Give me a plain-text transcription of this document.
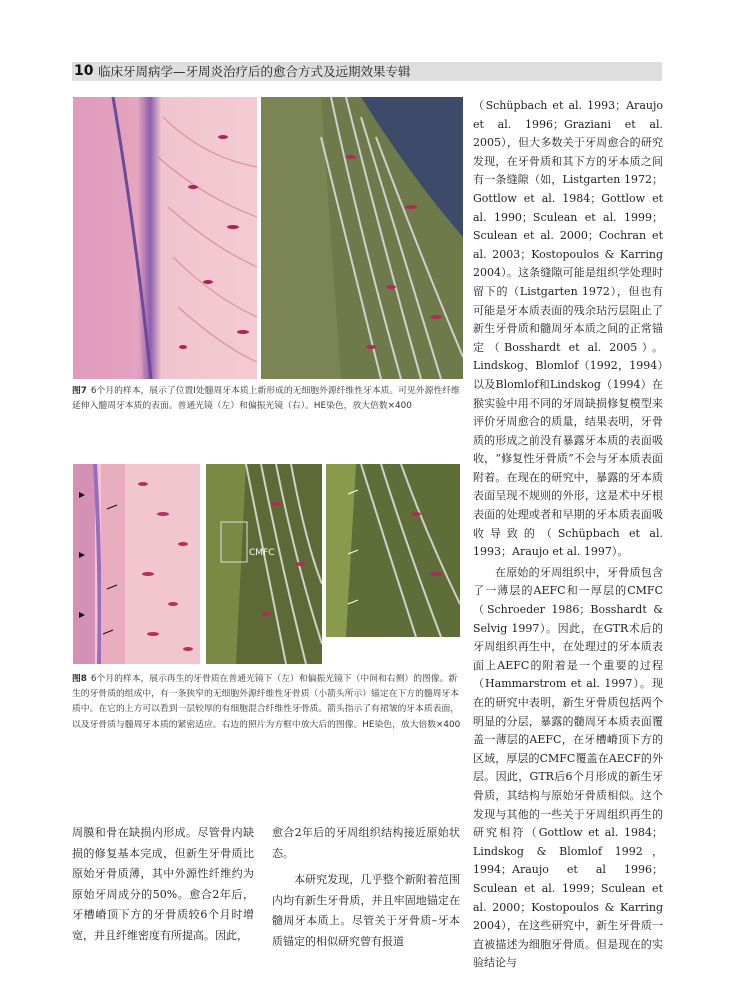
10 临床牙周病学—牙周炎治疗后的愈合方式及远期效果专辑
图7 6个月的样本，展示了位置I处髓周牙本质上新形成的无细胞外源纤维性牙本质。可见外源性纤维延伸入髓周牙本质的表面。普通光镜（左）和偏振光镜（右）。HE染色，放大倍数×400
CMFC
图8 6个月的样本，展示再生的牙骨质在普通光镜下（左）和偏振光镜下（中间和右侧）的图像。新生的牙骨质的组成中，有一条狭窄的无细胞外源纤维性牙骨质（小箭头所示）锚定在下方的髓周牙本质中。在它的上方可以看到一层较厚的有细胞混合纤维性牙骨质。箭头指示了有裙皱的牙本质表面，以及牙骨质与髓周牙本质的紧密适应。右边的照片为方框中放大后的图像。HE染色，放大倍数×400

（Schüpbach et al. 1993；Araujo et al. 1996；Graziani et al. 2005），但大多数关于牙周愈合的研究发现，在牙骨质和其下方的牙本质之间有一条缝隙（如，Listgarten 1972；Gottlow et al. 1984；Gottlow et al. 1990；Sculean et al. 1999；Sculean et al. 2000；Cochran et al. 2003；Kostopoulos & Karring 2004）。这条缝隙可能是组织学处理时留下的（Listgarten 1972），但也有可能是牙本质表面的残余玷污层阻止了新生牙骨质和髓周牙本质之间的正常锚定（Bosshardt et al. 2005）。Lindskog、Blomlof（1992，1994）以及Blomlof和Lindskog（1994）在猴实验中用不同的牙周缺损修复模型来评价牙周愈合的质量，结果表明，牙骨质的形成之前没有暴露牙本质的表面吸收，“修复性牙骨质”不会与牙本质表面附着。在现在的研究中，暴露的牙本质表面呈现不规则的外形，这是术中牙根表面的处理或者和早期的牙本质表面吸收导致的（Schüpbach et al. 1993；Araujo et al. 1997）。

在原始的牙周组织中，牙骨质包含了一薄层的AEFC和一厚层的CMFC（Schroeder 1986；Bosshardt & Selvig 1997）。因此，在GTR术后的牙周组织再生中，在处理过的牙本质表面上AEFC的附着是一个重要的过程（Hammarstrom et al. 1997）。现在的研究中表明，新生牙骨质包括两个明显的分层，暴露的髓周牙本质表面覆盖一薄层的AEFC，在牙槽嵴顶下方的区域，厚层的CMFC覆盖在AECF的外层。因此，GTR后6个月形成的新生牙骨质，其结构与原始牙骨质相似。这个发现与其他的一些关于牙周组织再生的研究相符（Gottlow et al. 1984；Lindskog & Blomlof 1992，1994；Araujo et al 1996；Sculean et al. 1999；Sculean et al. 2000；Kostopoulos & Karring 2004），在这些研究中，新生牙骨质一直被描述为细胞牙骨质。但是现在的实验结论与

周膜和骨在缺损内形成。尽管骨内缺损的修复基本完成，但新生牙骨质比原始牙骨质薄，其中外源性纤维约为原始牙周成分的50%。愈合2年后，牙槽嵴顶下方的牙骨质较6个月时增宽，并且纤维密度有所提高。因此，

愈合2年后的牙周组织结构接近原始状态。

本研究发现，几乎整个新附着范围内均有新生牙骨质，并且牢固地锚定在髓周牙本质上。尽管关于牙骨质–牙本质锚定的相似研究曾有报道
